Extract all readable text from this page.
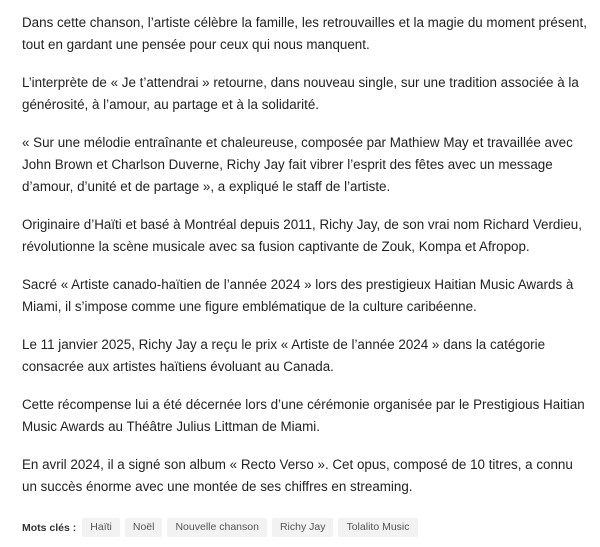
Dans cette chanson, l’artiste célèbre la famille, les retrouvailles et la magie du moment présent, tout en gardant une pensée pour ceux qui nous manquent.

L’interprète de « Je t’attendrai » retourne, dans nouveau single, sur une tradition associée à la générosité, à l’amour, au partage et à la solidarité.

« Sur une mélodie entraînante et chaleureuse, composée par Mathiew May et travaillée avec John Brown et Charlson Duverne, Richy Jay fait vibrer l’esprit des fêtes avec un message d’amour, d’unité et de partage », a expliqué le staff de l’artiste.

Originaire d’Haïti et basé à Montréal depuis 2011, Richy Jay, de son vrai nom Richard Verdieu, révolutionne la scène musicale avec sa fusion captivante de Zouk, Kompa et Afropop.

Sacré « Artiste canado-haïtien de l’année 2024 » lors des prestigieux Haitian Music Awards à Miami, il s’impose comme une figure emblématique de la culture caribéenne.

Le 11 janvier 2025, Richy Jay a reçu le prix « Artiste de l’année 2024 » dans la catégorie consacrée aux artistes haïtiens évoluant au Canada.

Cette récompense lui a été décernée lors d’une cérémonie organisée par le Prestigious Haitian Music Awards au Théâtre Julius Littman de Miami.

En avril 2024, il a signé son album « Recto Verso ». Cet opus, composé de 10 titres, a connu un succès énorme avec une montée de ses chiffres en streaming.

Mots clés :	Haïti	Noël	Nouvelle chanson	Richy Jay	Tolalito Music
